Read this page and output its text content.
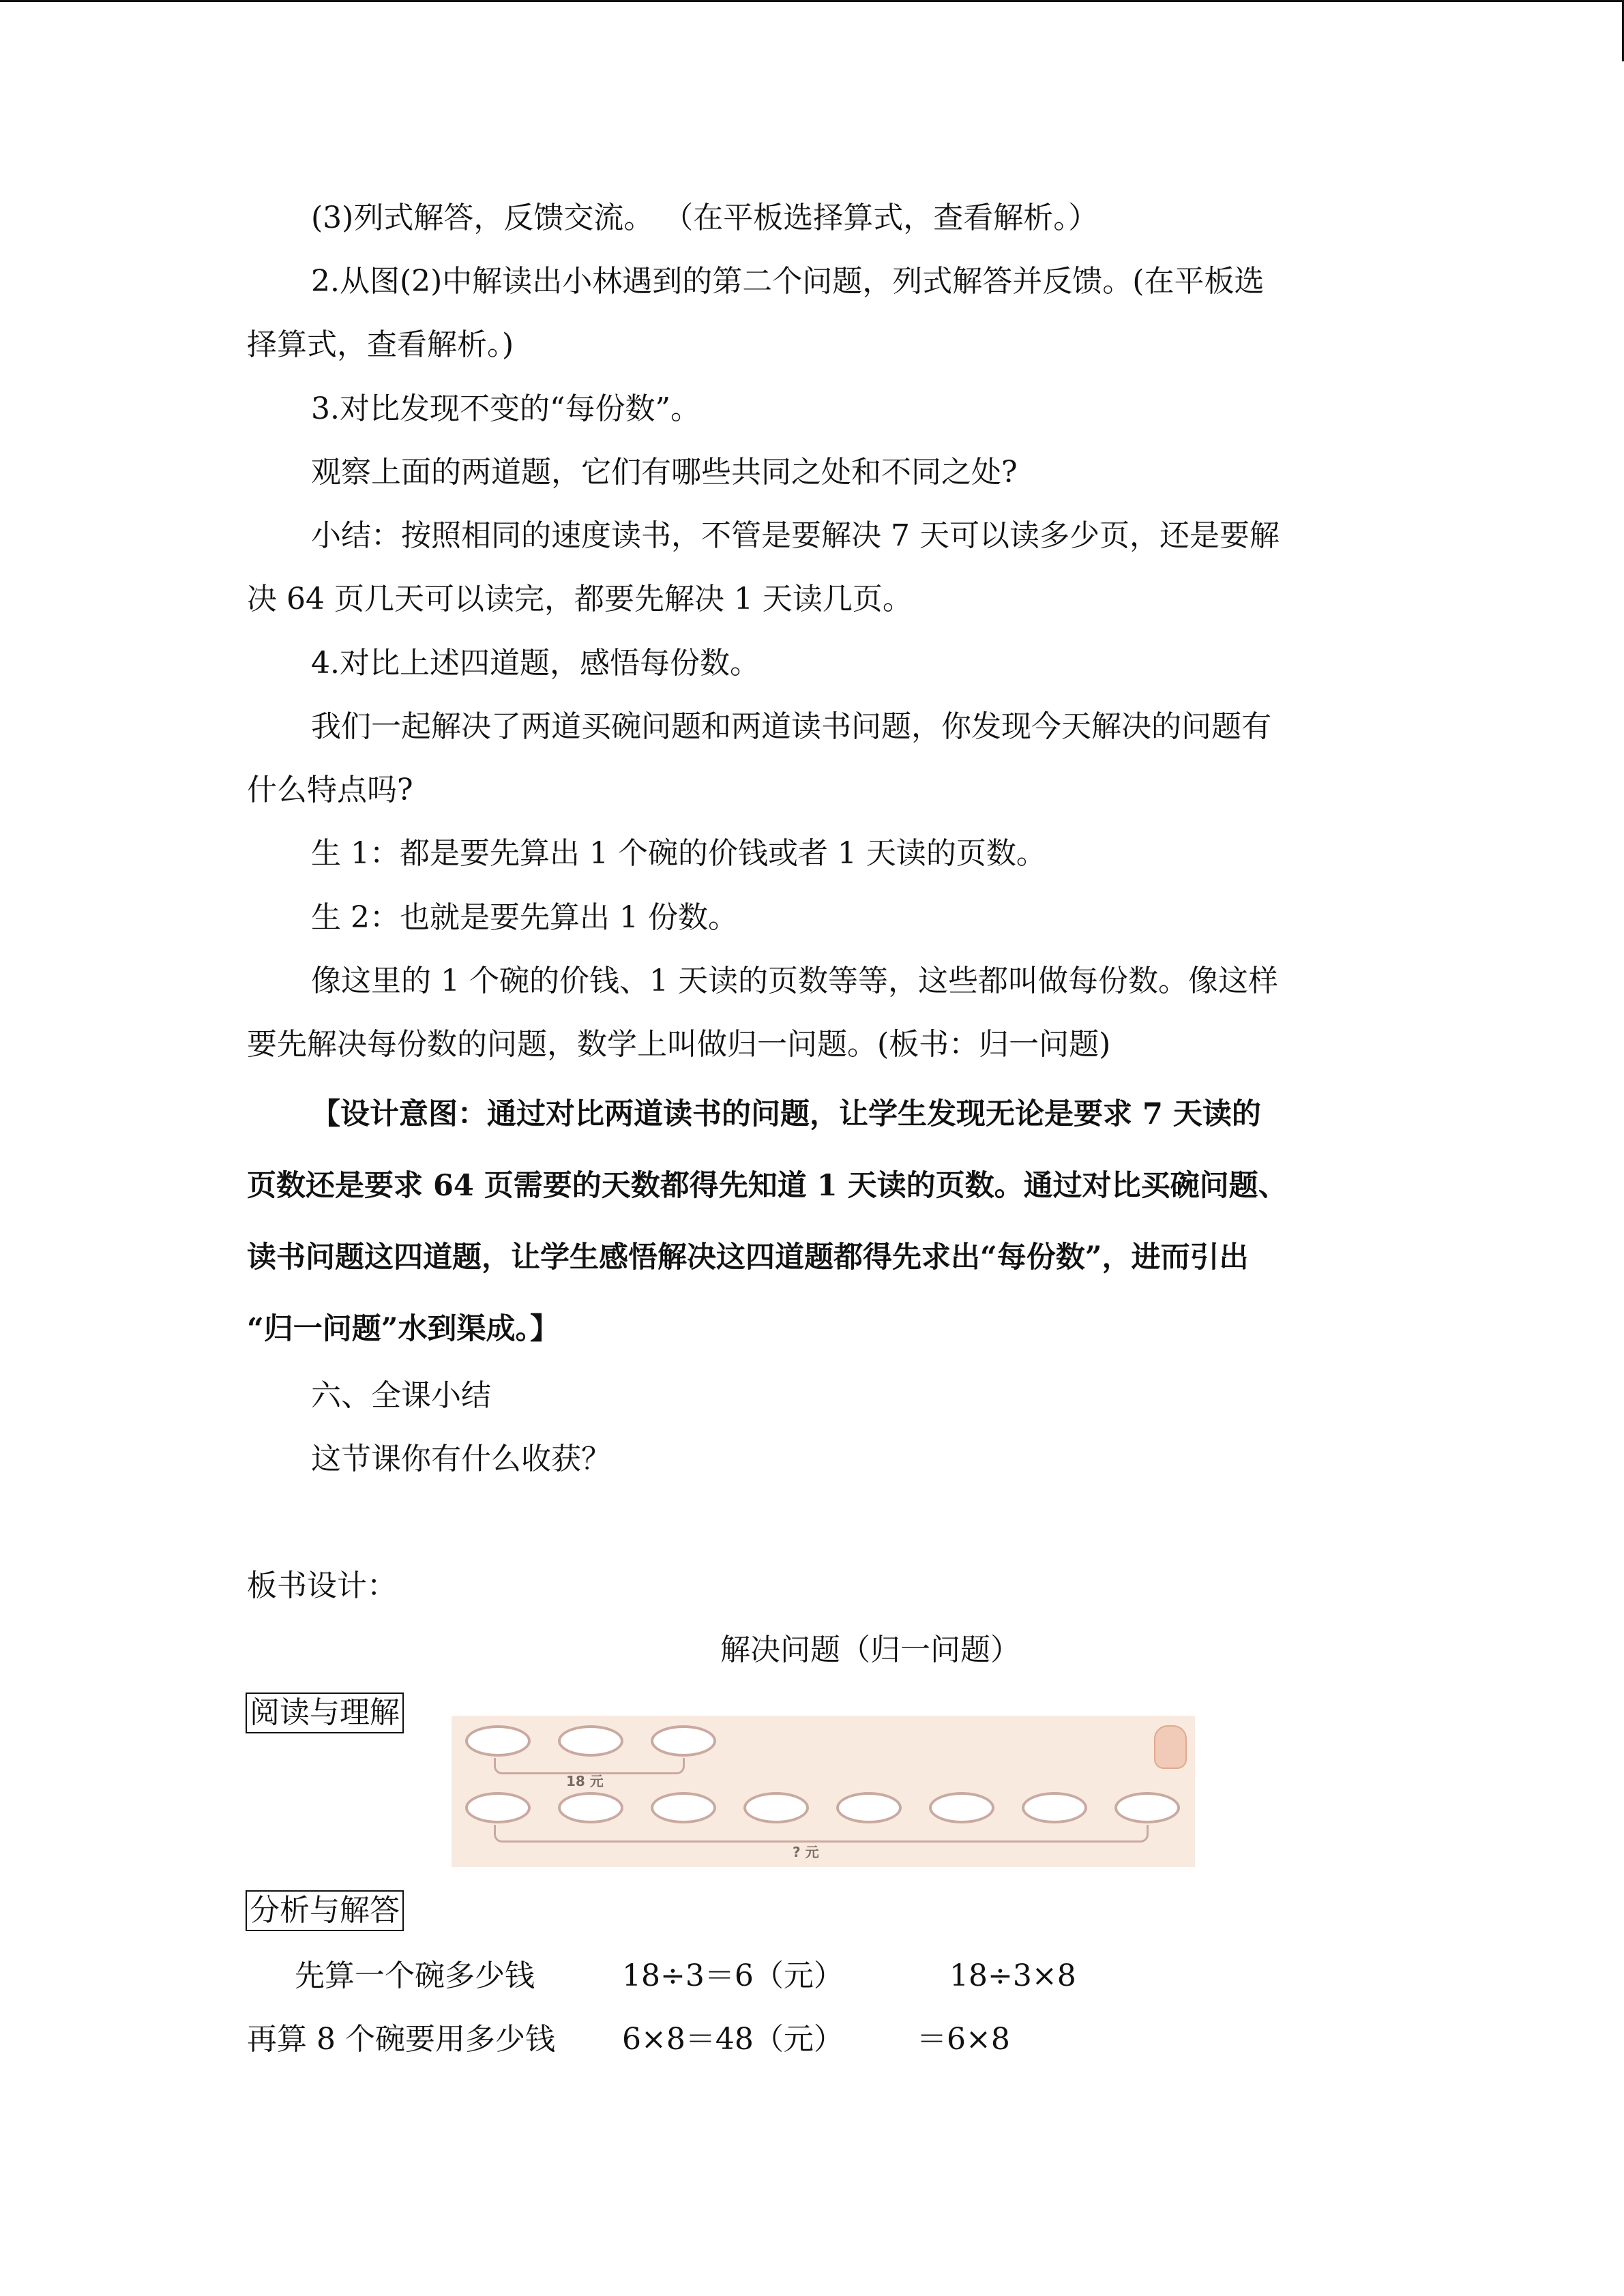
(3)列式解答，反馈交流。 （在平板选择算式，查看解析。）
2.从图(2)中解读出小林遇到的第二个问题，列式解答并反馈。(在平板选
择算式，查看解析。)
3.对比发现不变的“每份数”。
观察上面的两道题，它们有哪些共同之处和不同之处?
小结：按照相同的速度读书，不管是要解决 7 天可以读多少页，还是要解
决 64 页几天可以读完，都要先解决 1 天读几页。
4.对比上述四道题，感悟每份数。
我们一起解决了两道买碗问题和两道读书问题，你发现今天解决的问题有
什么特点吗?
生 1：都是要先算出 1 个碗的价钱或者 1 天读的页数。
生 2：也就是要先算出 1 份数。
像这里的 1 个碗的价钱、1 天读的页数等等，这些都叫做每份数。像这样
要先解决每份数的问题，数学上叫做归一问题。(板书：归一问题)
【设计意图：通过对比两道读书的问题，让学生发现无论是要求 7 天读的
页数还是要求 64 页需要的天数都得先知道 1 天读的页数。通过对比买碗问题、
读书问题这四道题，让学生感悟解决这四道题都得先求出“每份数”，进而引出
“归一问题”水到渠成。】
六、全课小结
这节课你有什么收获？
板书设计：
解决问题（归一问题）
阅读与理解
18 元
? 元
分析与解答
先算一个碗多少钱	18÷3＝6（元）	18÷3×8
再算 8 个碗要用多少钱 6×8＝48（元） ＝6×8
